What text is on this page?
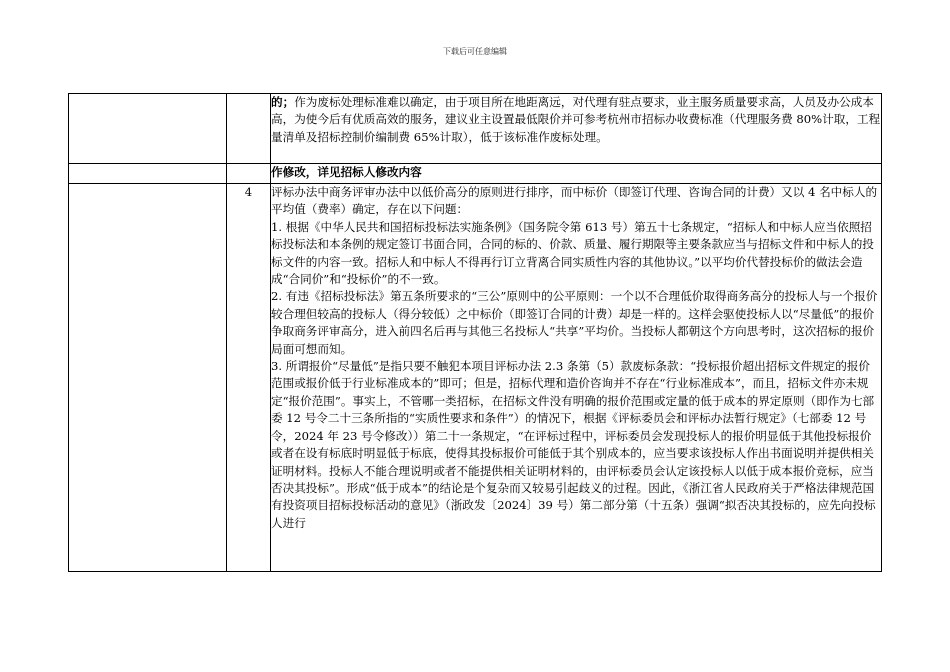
下载后可任意编辑
		的；作为废标处理标准难以确定，由于项目所在地距离远，对代理有驻点要求，业主服务质量要求高，人员及办公成本高，为使今后有优质高效的服务，建议业主设置最低限价并可参考杭州市招标办收费标准（代理服务费 80%计取，工程量清单及招标控制价编制费 65%计取），低于该标准作废标处理。
		作修改，详见招标人修改内容
	4	评标办法中商务评审办法中以低价高分的原则进行排序，而中标价（即签订代理、咨询合同的计费）又以 4 名中标人的平均值（费率）确定，存在以下问题：
1. 根据《中华人民共和国招标投标法实施条例》（国务院令第 613 号）第五十七条规定，“招标人和中标人应当依照招标投标法和本条例的规定签订书面合同，合同的标的、价款、质量、履行期限等主要条款应当与招标文件和中标人的投标文件的内容一致。招标人和中标人不得再行订立背离合同实质性内容的其他协议。”以平均价代替投标价的做法会造成“合同价”和“投标价”的不一致。
2. 有违《招标投标法》第五条所要求的“三公”原则中的公平原则：一个以不合理低价取得商务高分的投标人与一个报价较合理但较高的投标人（得分较低）之中标价（即签订合同的计费）却是一样的。这样会驱使投标人以“尽量低”的报价争取商务评审高分，进入前四名后再与其他三名投标人“共享”平均价。当投标人都朝这个方向思考时，这次招标的报价局面可想而知。
3. 所谓报价“尽量低”是指只要不触犯本项目评标办法 2.3 条第（5）款废标条款：“投标报价超出招标文件规定的报价范围或报价低于行业标准成本的”即可；但是，招标代理和造价咨询并不存在“行业标准成本”，而且，招标文件亦未规定“报价范围”。事实上，不管哪一类招标，在招标文件没有明确的报价范围或定量的低于成本的界定原则（即作为七部委 12 号令二十三条所指的“实质性要求和条件”）的情况下，根据《评标委员会和评标办法暂行规定》（七部委 12 号令，2024 年 23 号令修改））第二十一条规定，“在评标过程中，评标委员会发现投标人的报价明显低于其他投标报价或者在设有标底时明显低于标底，使得其投标报价可能低于其个别成本的，应当要求该投标人作出书面说明并提供相关证明材料。投标人不能合理说明或者不能提供相关证明材料的，由评标委员会认定该投标人以低于成本报价竞标，应当否决其投标”。形成“低于成本”的结论是个复杂而又较易引起歧义的过程。因此，《浙江省人民政府关于严格法律规范国有投资项目招标投标活动的意见》（浙政发〔2024〕39 号）第二部分第（十五条）强调“拟否决其投标的，应先向投标人进行
